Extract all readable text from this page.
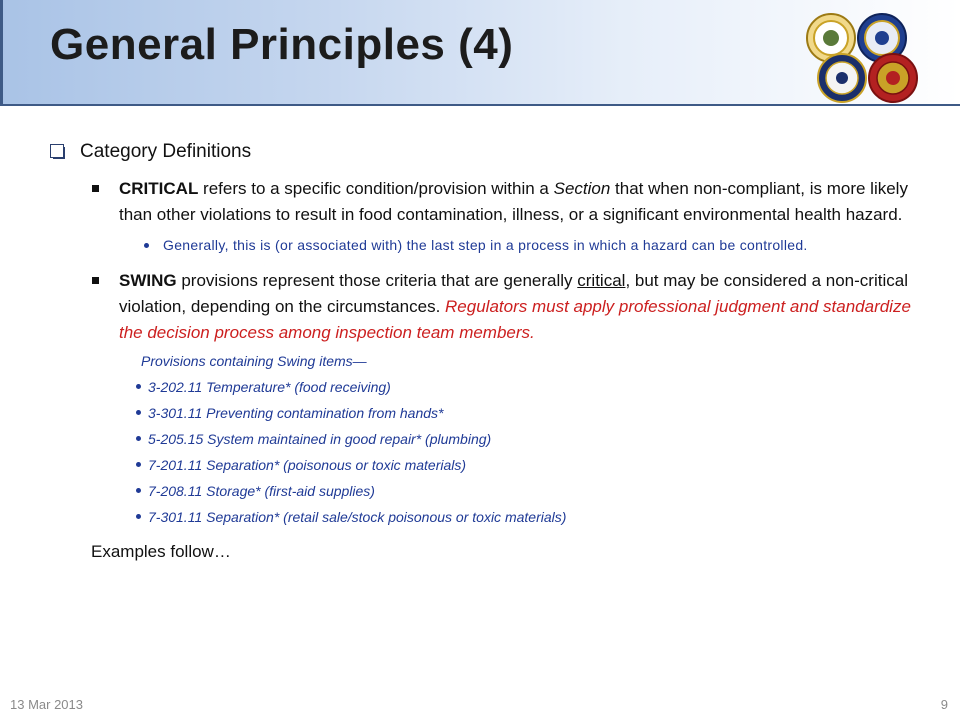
General Principles (4)
Category Definitions
CRITICAL refers to a specific condition/provision within a Section that when non-compliant, is more likely than other violations to result in food contamination, illness, or a significant environmental health hazard.
Generally, this is (or associated with) the last step in a process in which a hazard can be controlled.
SWING provisions represent those criteria that are generally critical, but may be considered a non-critical violation, depending on the circumstances. Regulators must apply professional judgment and standardize the decision process among inspection team members.
Provisions containing Swing items—
3-202.11 Temperature* (food receiving)
3-301.11 Preventing contamination from hands*
5-205.15 System maintained in good repair* (plumbing)
7-201.11 Separation* (poisonous or toxic materials)
7-208.11 Storage* (first-aid supplies)
7-301.11 Separation* (retail sale/stock poisonous or toxic materials)
Examples follow…
13 Mar 2013	9
